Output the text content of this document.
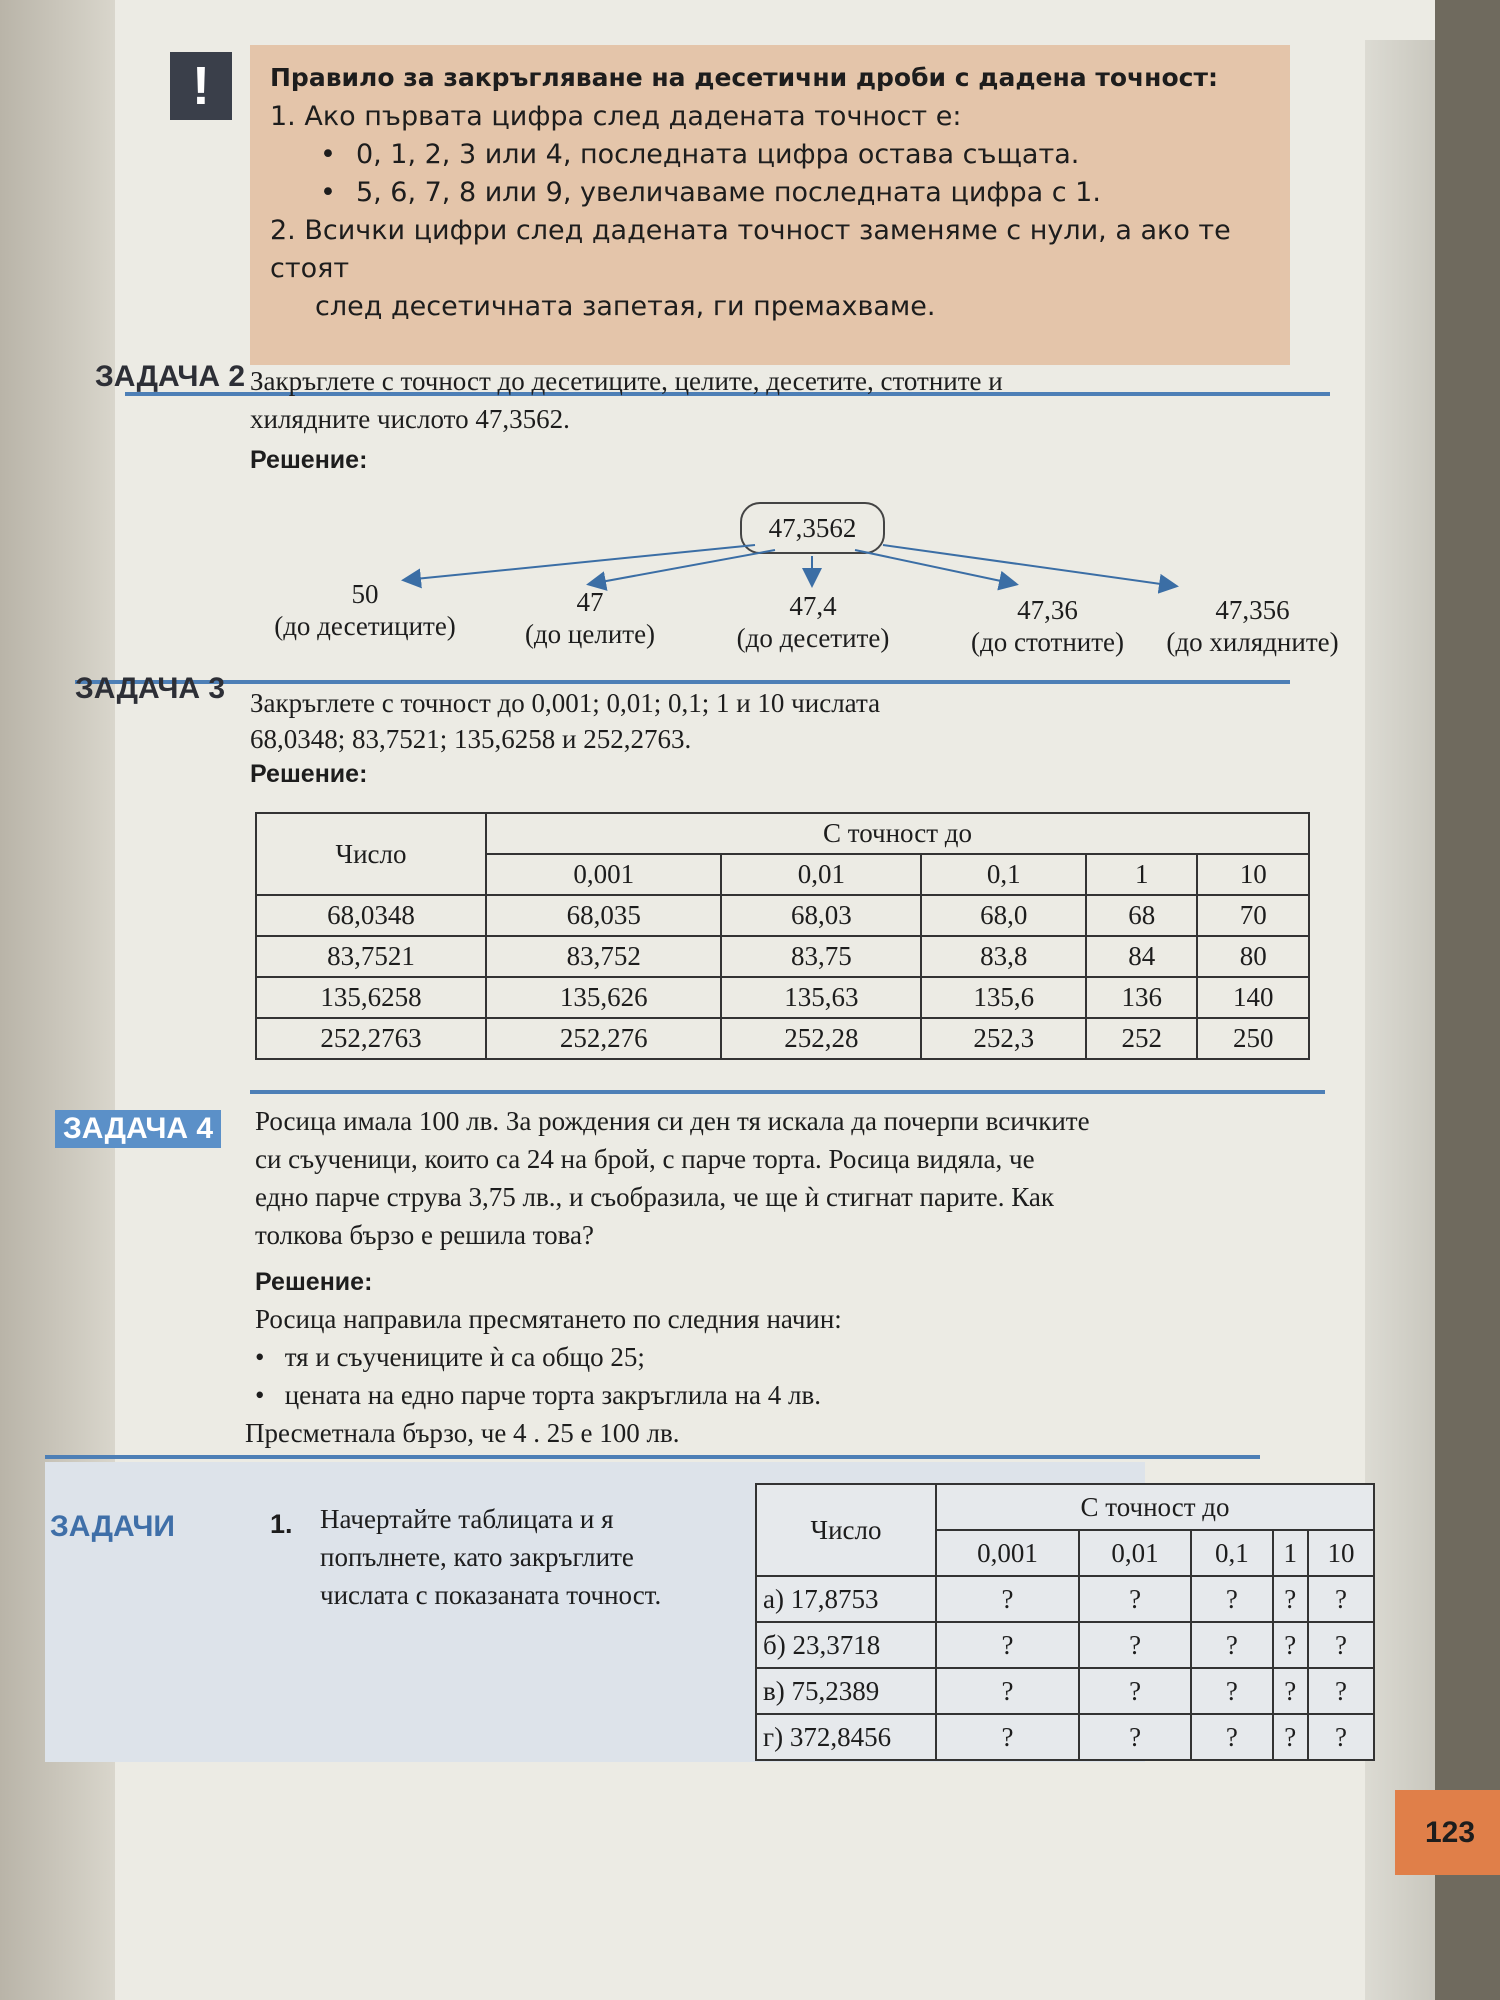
!	Правило за закръгляване на десетични дроби с дадена точност:
1. Ако първата цифра след дадената точност е:
• 0, 1, 2, 3 или 4, последната цифра остава същата.
• 5, 6, 7, 8 или 9, увеличаваме последната цифра с 1.
2. Всички цифри след дадената точност заменяме с нули, а ако те стоят
след десетичната запетая, ги премахваме.
ЗАДАЧА 2 Закръглете с точност до десетиците, целите, десетите, стотните и
хилядните числото 47,3562.
Решение:
47,3562
50
(до десетиците)
47
(до целите)
47,4
(до десетите)
47,36
(до стотните)
47,356
(до хилядните)
ЗАДАЧА 3 Закръглете с точност до 0,001; 0,01; 0,1; 1 и 10 числата
68,0348; 83,7521; 135,6258 и 252,2763.
Решение:
Число	С точност до				
	0,001	0,01	0,1	1	10
68,0348	68,035	68,03	68,0	68	70
83,7521	83,752	83,75	83,8	84	80
135,6258	135,626	135,63	135,6	136	140
252,2763	252,276	252,28	252,3	252	250
ЗАДАЧА 4 Росица имала 100 лв. За рождения си ден тя искала да почерпи всичките
си съученици, които са 24 на брой, с парче торта. Росица видяла, че
едно парче струва 3,75 лв., и съобразила, че ще ѝ стигнат парите. Как
толкова бързо е решила това?
Решение:
Росица направила пресмятането по следния начин:
•   тя и съучениците ѝ са общо 25;
•   цената на едно парче торта закръглила на 4 лв.
Пресметнала бързо, че 4 . 25 е 100 лв.
ЗАДАЧИ	1. Начертайте таблицата и я
попълнете, като закръглите
числата с показаната точност.
Число	С точност до				
	0,001	0,01	0,1	1	10
а) 17,8753	?	?	?	?	?
б) 23,3718	?	?	?	?	?
в) 75,2389	?	?	?	?	?
г) 372,8456	?	?	?	?	?
123
